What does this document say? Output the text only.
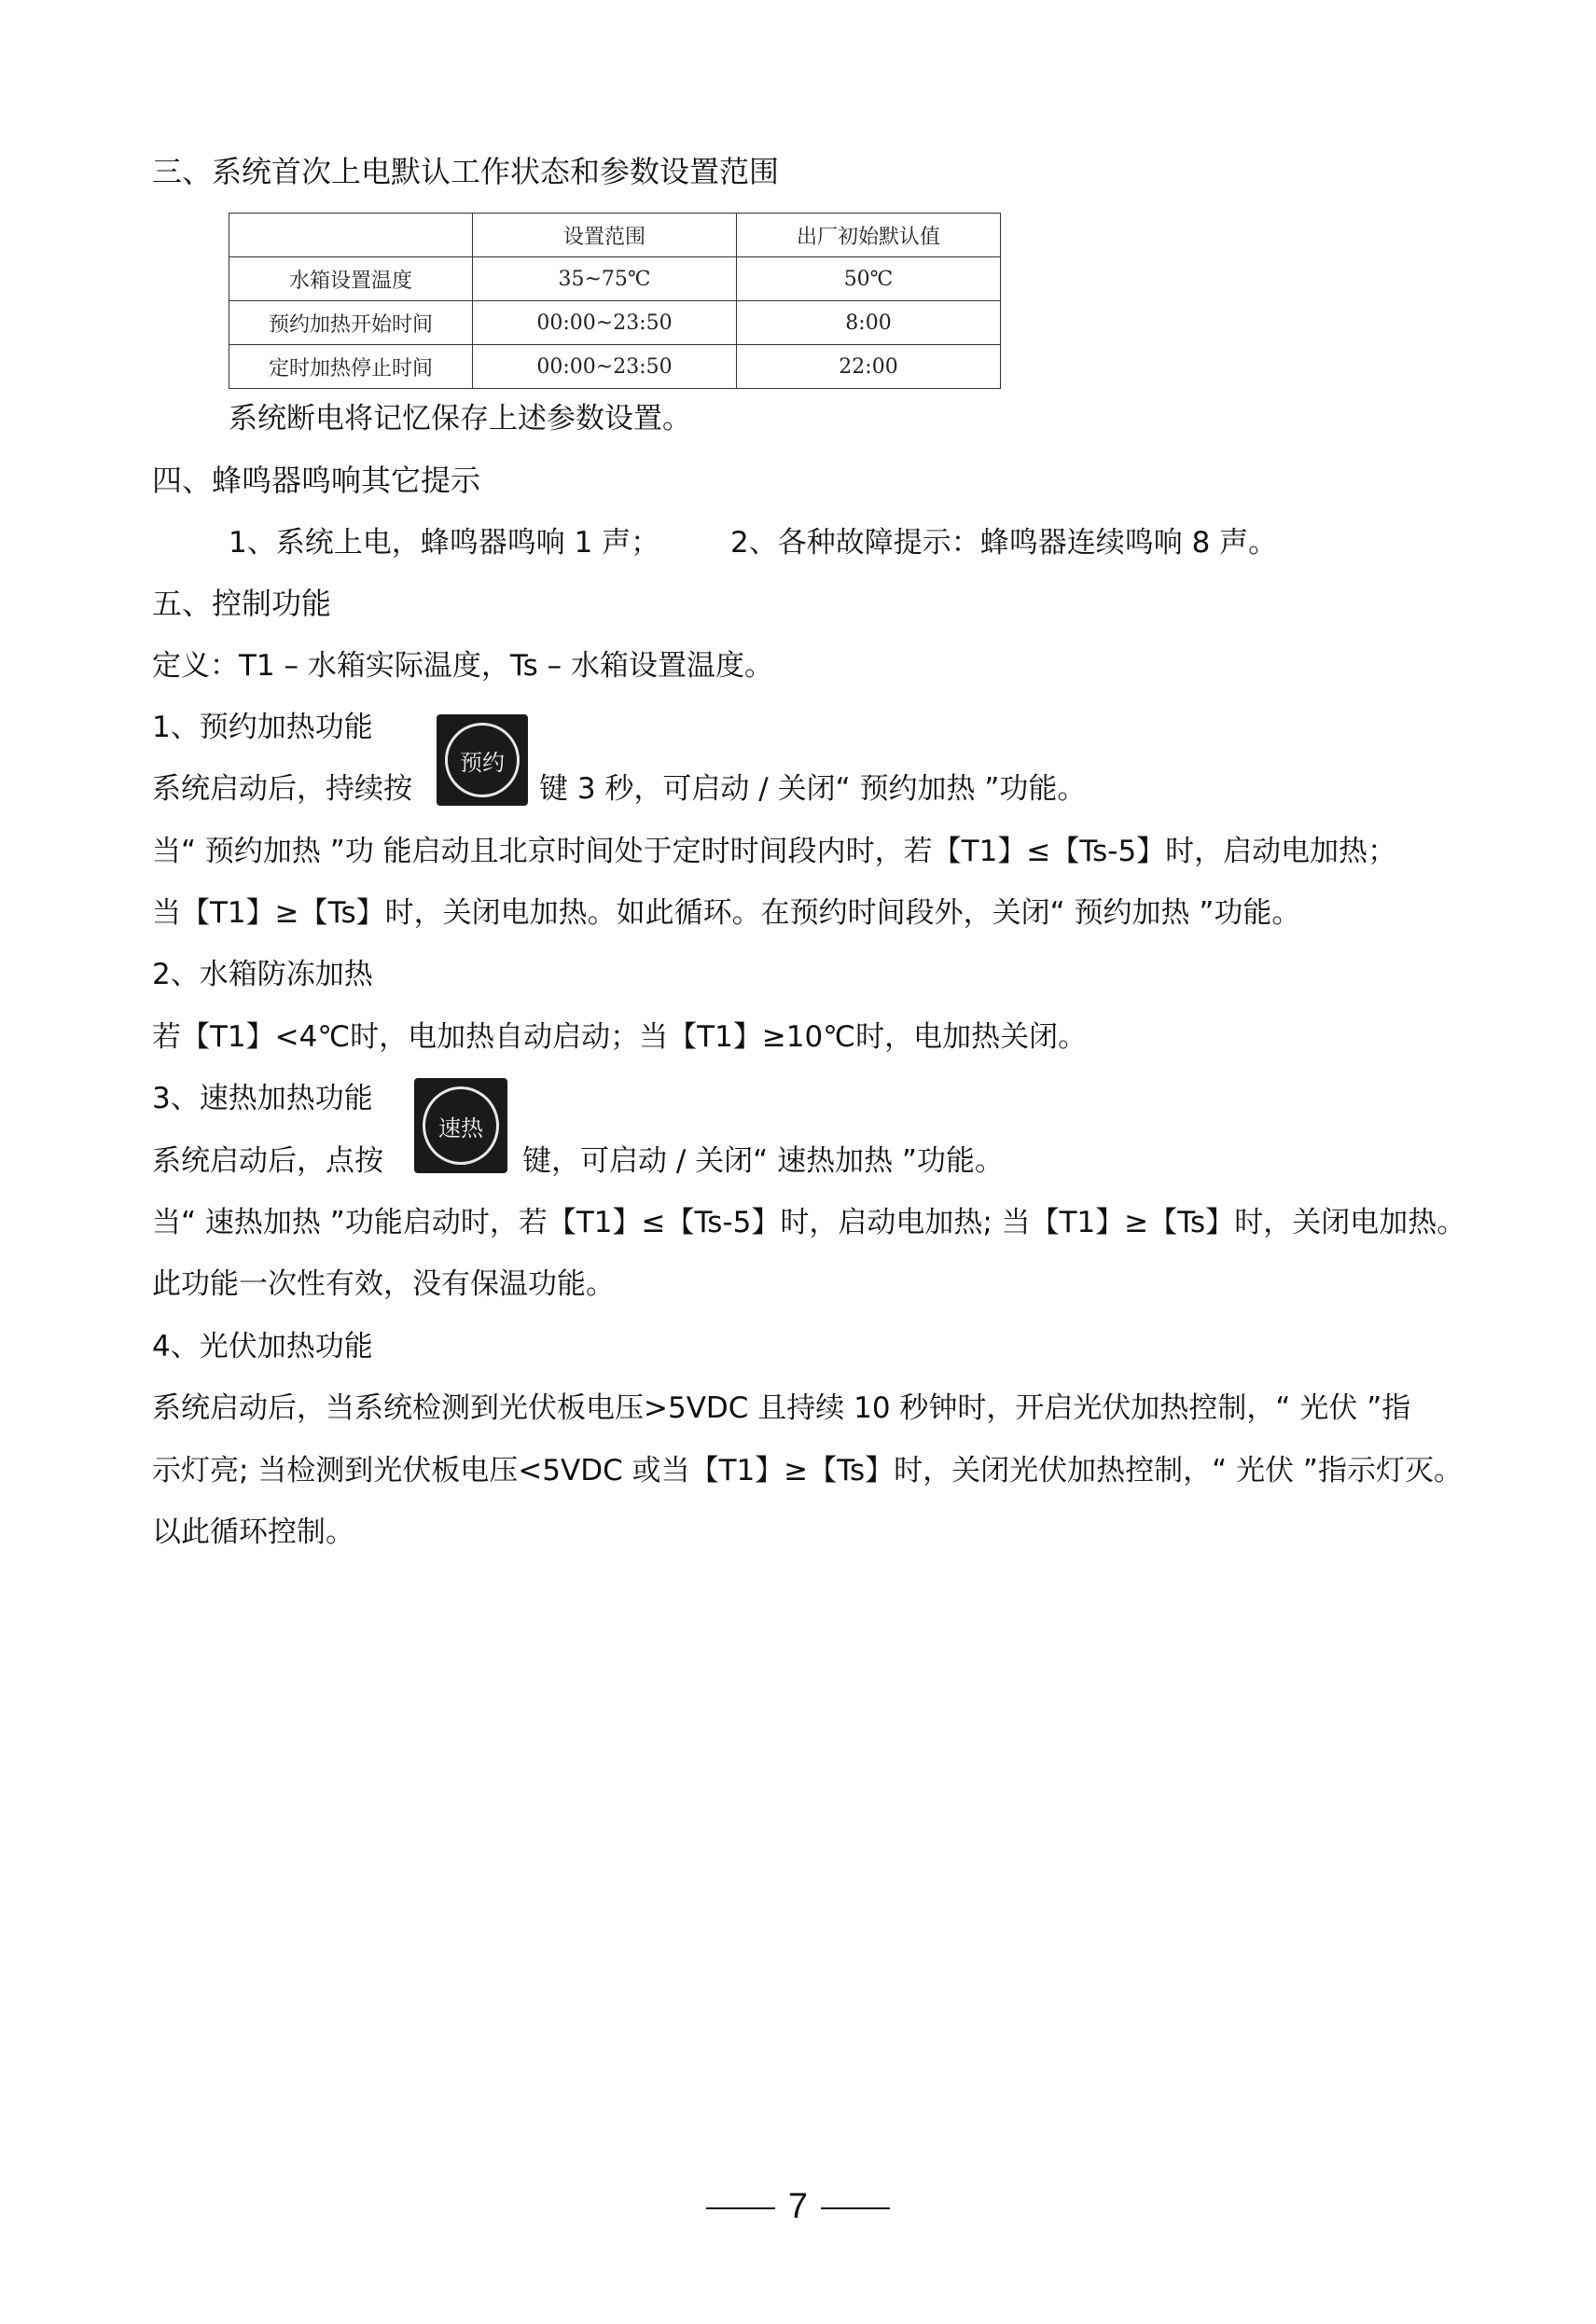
三、系统首次上电默认工作状态和参数设置范围
	设置范围	出厂初始默认值
水箱设置温度	35~75℃	50℃
预约加热开始时间	00:00~23:50	8:00
定时加热停止时间	00:00~23:50	22:00
系统断电将记忆保存上述参数设置。
四、蜂鸣器鸣响其它提示
1、系统上电，蜂鸣器鸣响 1 声； 2、各种故障提示：蜂鸣器连续鸣响 8 声。
五、控制功能
定义：T1 – 水箱实际温度，Ts – 水箱设置温度。
1、预约加热功能
系统启动后，持续按
预约
键 3 秒，可启动 / 关闭“ 预约加热 ”功能。
当“ 预约加热 ”功 能启动且北京时间处于定时时间段内时，若【T1】≤【Ts-5】时，启动电加热；
当【T1】≥【Ts】时，关闭电加热。如此循环。在预约时间段外，关闭“ 预约加热 ”功能。
2、水箱防冻加热
若【T1】<4℃时，电加热自动启动；当【T1】≥10℃时，电加热关闭。
3、速热加热功能
系统启动后，点按
速热
键，可启动 / 关闭“ 速热加热 ”功能。
当“ 速热加热 ”功能启动时，若【T1】≤【Ts-5】时，启动电加热; 当【T1】≥【Ts】时，关闭电加热。
此功能一次性有效，没有保温功能。
4、光伏加热功能
系统启动后，当系统检测到光伏板电压>5VDC 且持续 10 秒钟时，开启光伏加热控制，“ 光伏 ”指
示灯亮; 当检测到光伏板电压<5VDC 或当【T1】≥【Ts】时，关闭光伏加热控制，“ 光伏 ”指示灯灭。
以此循环控制。
7
